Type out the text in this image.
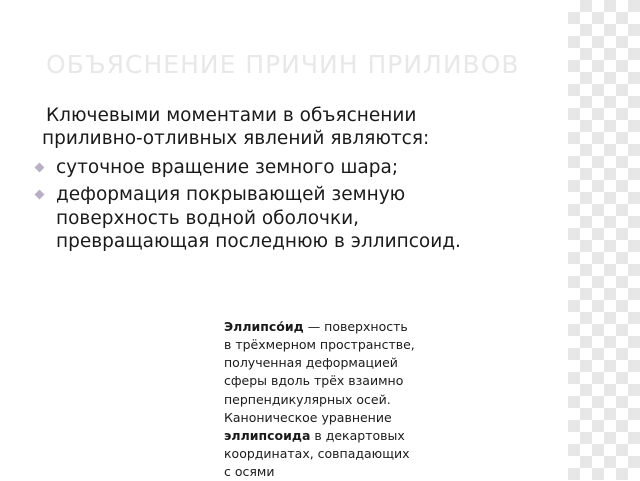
ОБЪЯСНЕНИЕ ПРИЧИН ПРИЛИВОВ

Ключевыми моментами в объяснении приливно-отливных явлений являются:

суточное вращение земного шара;
деформация покрывающей земную поверхность водной оболочки, превращающая последнюю в эллипсоид.
Эллипсо́ид — поверхность в трёхмерном пространстве, полученная деформацией сферы вдоль трёх взаимно перпендикулярных осей. Каноническое уравнение эллипсоида в декартовых координатах, совпадающих с осями
